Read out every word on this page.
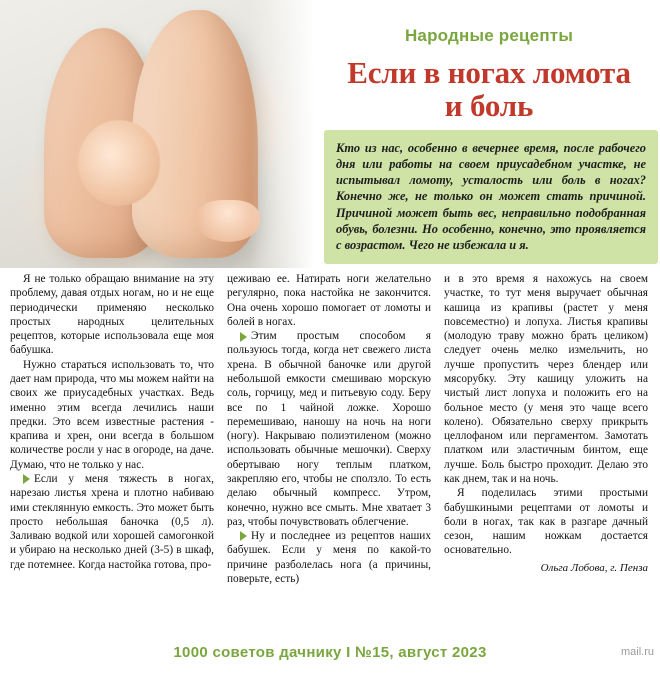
Народные рецепты
Если в ногах ломота
и боль

Кто из нас, особенно в вечернее время, после рабочего дня или работы на своем приусадебном участке, не испытывал ломоту, усталость или боль в ногах? Конечно же, не только он может стать причиной. Причиной может быть вес, неправильно подобранная обувь, болезни. Но особенно, конечно, это проявляется с возрастом. Чего не избежала и я.

Я не только обращаю внимание на эту проблему, давая отдых ногам, но и не еще периодически применяю несколько простых народных целительных рецептов, которые использовала еще моя бабушка.

Нужно стараться использовать то, что дает нам природа, что мы можем найти на своих же приусадебных участках. Ведь именно этим всегда лечились наши предки. Это всем известные растения - крапива и хрен, они всегда в большом количестве росли у нас в огороде, на даче. Думаю, что не только у нас.

Если у меня тяжесть в ногах, нарезаю листья хрена и плотно набиваю ими стеклянную емкость. Это может быть просто небольшая баночка (0,5 л). Заливаю водкой или хорошей самогонкой и убираю на несколько дней (3-5) в шкаф, где потемнее. Когда настойка готова, про-

цеживаю ее. Натирать ноги желательно регулярно, пока настойка не закончится. Она очень хорошо помогает от ломоты и болей в ногах.

Этим простым способом я пользуюсь тогда, когда нет свежего листа хрена. В обычной баночке или другой небольшой емкости смешиваю морскую соль, горчицу, мед и питьевую соду. Беру все по 1 чайной ложке. Хорошо перемешиваю, наношу на ночь на ноги (ногу). Накрываю полиэтиленом (можно использовать обычные мешочки). Сверху обертываю ногу теплым платком, закрепляю его, чтобы не сползло. То есть делаю обычный компресс. Утром, конечно, нужно все смыть. Мне хватает 3 раз, чтобы почувствовать облегчение.

Ну и последнее из рецептов наших бабушек. Если у меня по какой-то причине разболелась нога (а причины, поверьте, есть)

и в это время я нахожусь на своем участке, то тут меня выручает обычная кашица из крапивы (растет у меня повсеместно) и лопуха. Листья крапивы (молодую траву можно брать целиком) следует очень мелко измельчить, но лучше пропустить через блендер или мясорубку. Эту кашицу уложить на чистый лист лопуха и положить его на больное место (у меня это чаще всего колено). Обязательно сверху прикрыть целлофаном или пергаментом. Замотать платком или эластичным бинтом, еще лучше. Боль быстро проходит. Делаю это как днем, так и на ночь.

Я поделилась этими простыми бабушкиными рецептами от ломоты и боли в ногах, так как в разгаре дачный сезон, нашим ножкам достается основательно.

Ольга Лобова, г. Пенза
1000 советов дачнику I №15, август 2023	mail.ru
